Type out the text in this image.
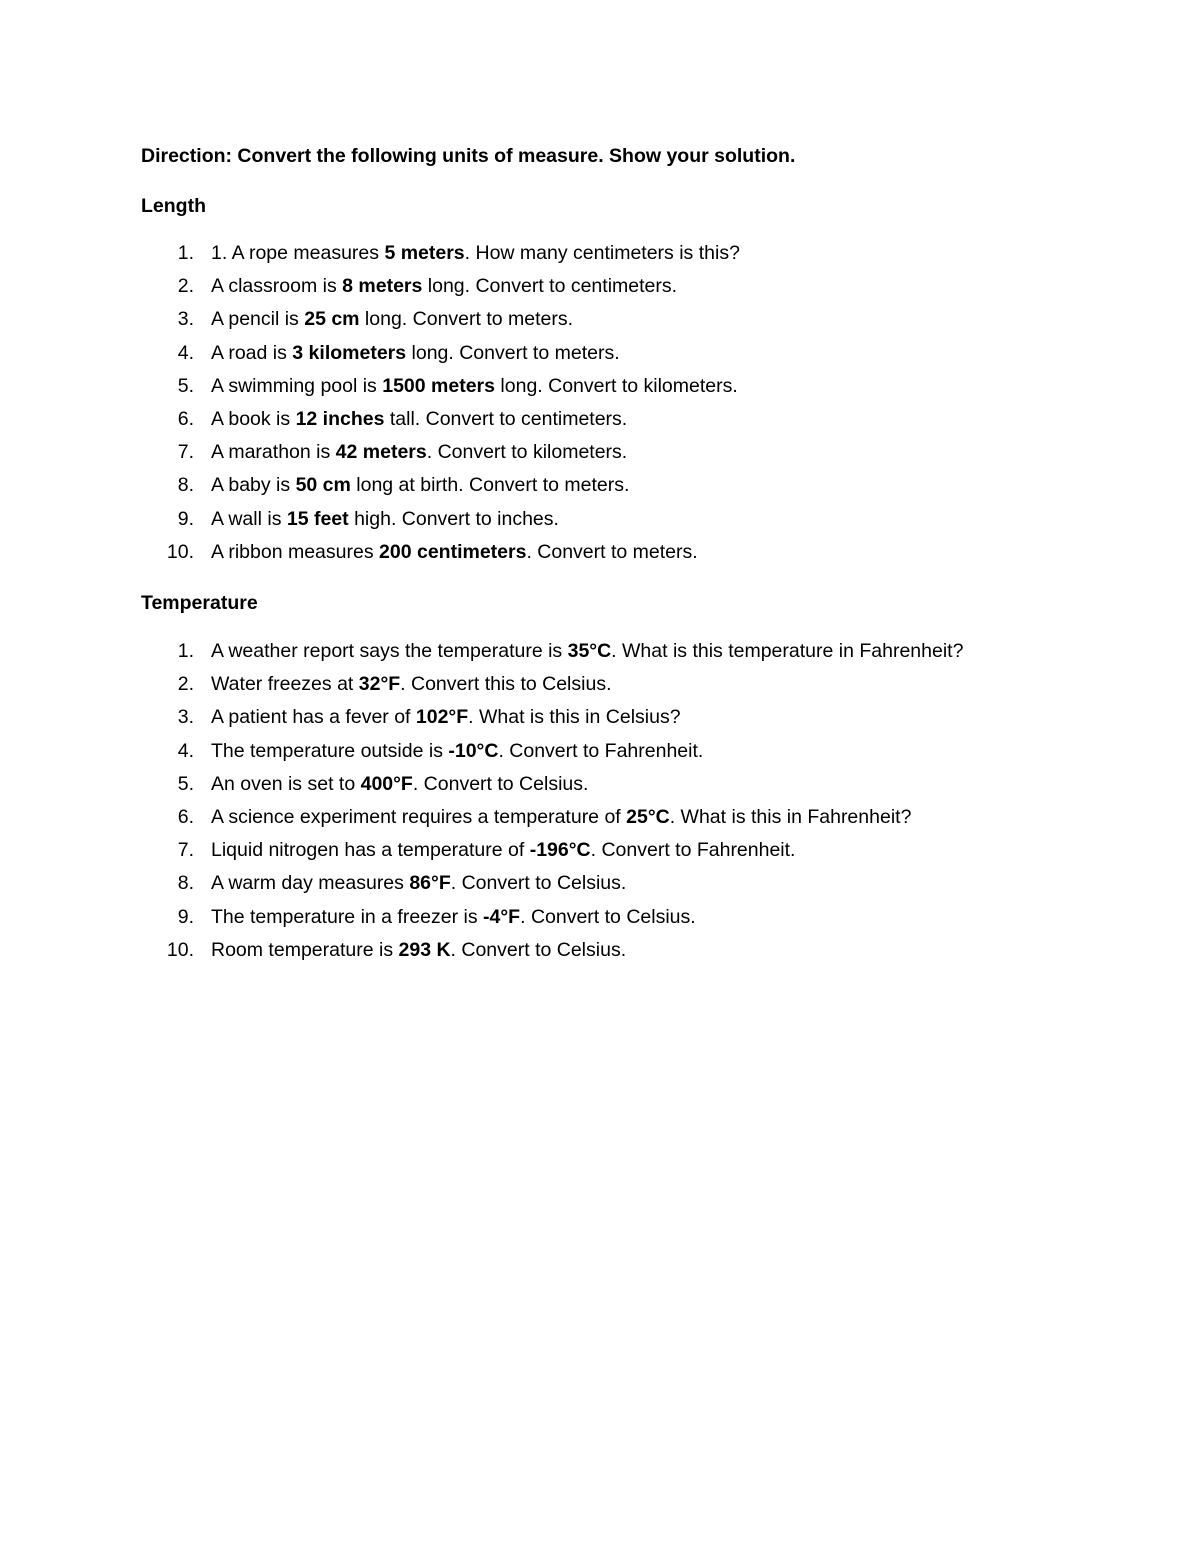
Direction: Convert the following units of measure. Show your solution.
Length
1. 1. A rope measures 5 meters. How many centimeters is this?
2. A classroom is 8 meters long. Convert to centimeters.
3. A pencil is 25 cm long. Convert to meters.
4. A road is 3 kilometers long. Convert to meters.
5. A swimming pool is 1500 meters long. Convert to kilometers.
6. A book is 12 inches tall. Convert to centimeters.
7. A marathon is 42 meters. Convert to kilometers.
8. A baby is 50 cm long at birth. Convert to meters.
9. A wall is 15 feet high. Convert to inches.
10. A ribbon measures 200 centimeters. Convert to meters.
Temperature
1. A weather report says the temperature is 35°C. What is this temperature in Fahrenheit?
2. Water freezes at 32°F. Convert this to Celsius.
3. A patient has a fever of 102°F. What is this in Celsius?
4. The temperature outside is -10°C. Convert to Fahrenheit.
5. An oven is set to 400°F. Convert to Celsius.
6. A science experiment requires a temperature of 25°C. What is this in Fahrenheit?
7. Liquid nitrogen has a temperature of -196°C. Convert to Fahrenheit.
8. A warm day measures 86°F. Convert to Celsius.
9. The temperature in a freezer is -4°F. Convert to Celsius.
10. Room temperature is 293 K. Convert to Celsius.
